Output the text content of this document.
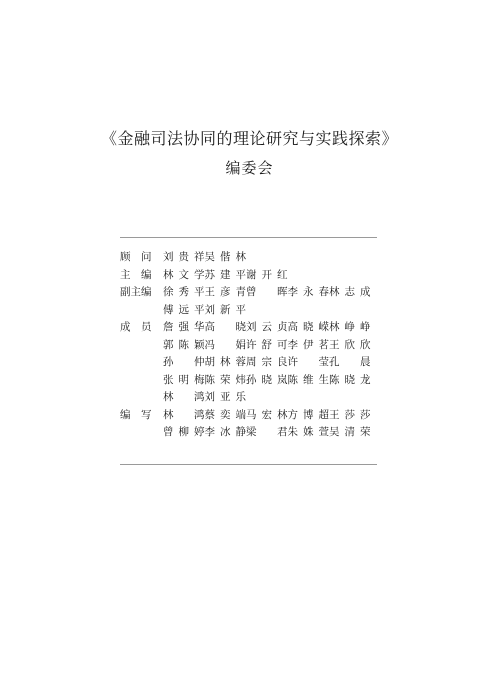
《金融司法协同的理论研究与实践探索》
编委会
顾　问	刘贵祥 吴偕林
主　编	林文学 苏建平 谢开红
副主编	徐秀平 王彦青 曾　晖 李永春 林志成
傅远平 刘新平
成　员	詹强华 高　晓 刘云贞 高晓嵘 林峥峥
郭陈颖 冯　娟 许舒可 李伊茗 王欣欣
孙　仲 胡林蓉 周宗良 许　莹 孔　晨
张明梅 陈荣炜 孙晓岚 陈维生 陈晓龙
林　鸿 刘亚乐
编　写	林　鸿 蔡奕端 马宏林 方博超 王莎莎
曾柳婷 李冰静 梁　君 朱姝萱 吴清荣
